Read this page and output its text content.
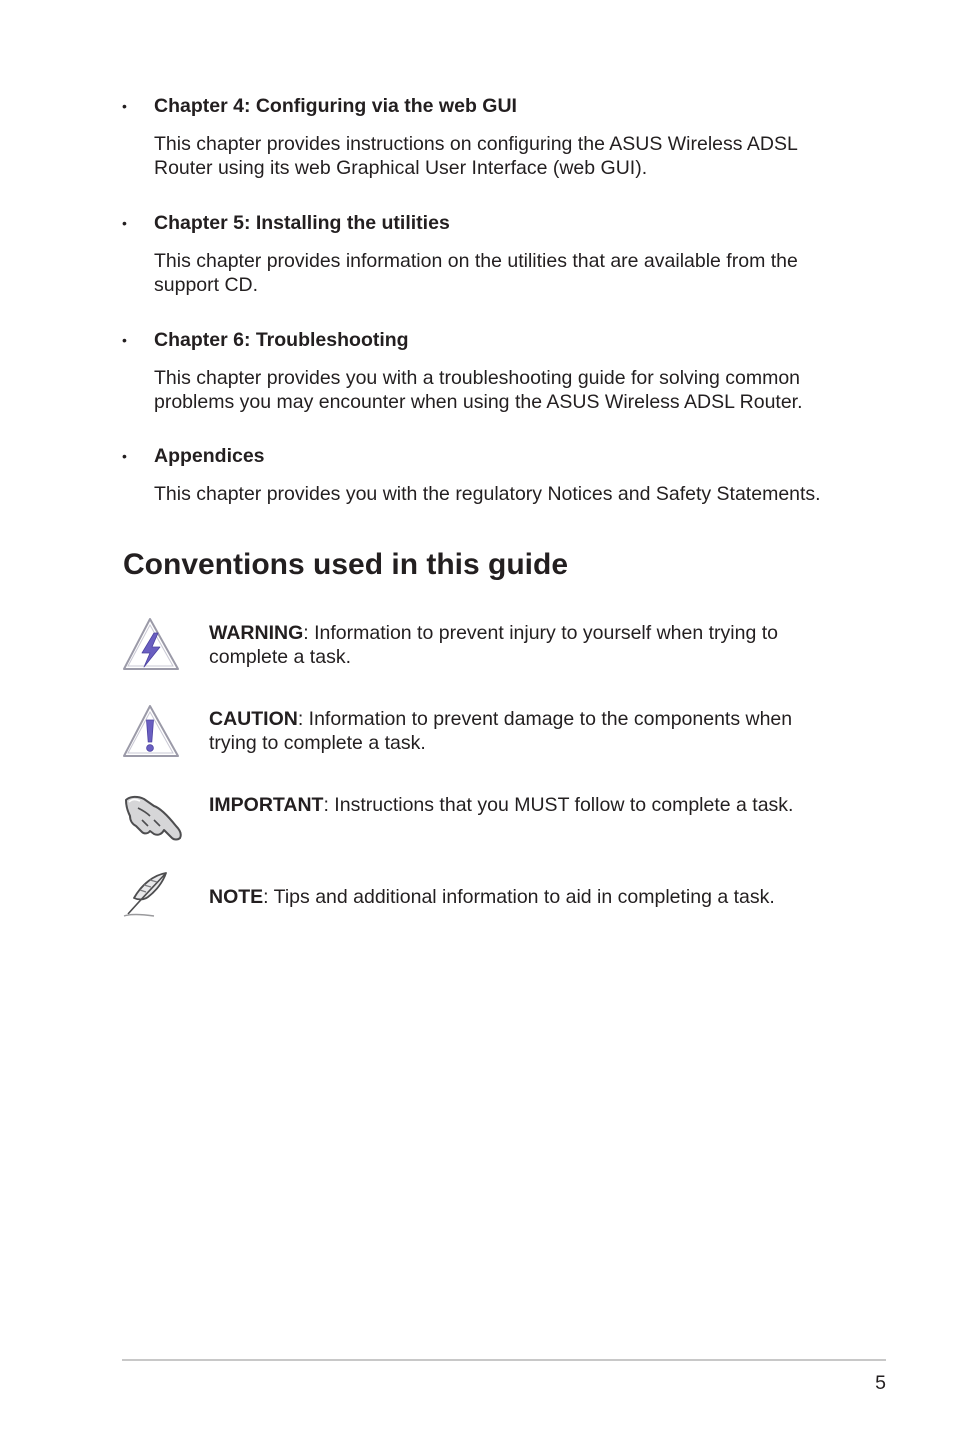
• Chapter 4: Configuring via the web GUI
This chapter provides instructions on configuring the ASUS Wireless ADSL Router using its web Graphical User Interface (web GUI).
• Chapter 5: Installing the utilities
This chapter provides information on the utilities that are available from the support CD.
• Chapter 6: Troubleshooting
This chapter provides you with a troubleshooting guide for solving common problems you may encounter when using the ASUS Wireless ADSL Router.
• Appendices
This chapter provides you with the regulatory Notices and Safety Statements.
Conventions used in this guide
WARNING: Information to prevent injury to yourself when trying to complete a task.
CAUTION: Information to prevent damage to the components when trying to complete a task.
IMPORTANT: Instructions that you MUST follow to complete a task.
NOTE: Tips and additional information to aid in completing a task.
5
